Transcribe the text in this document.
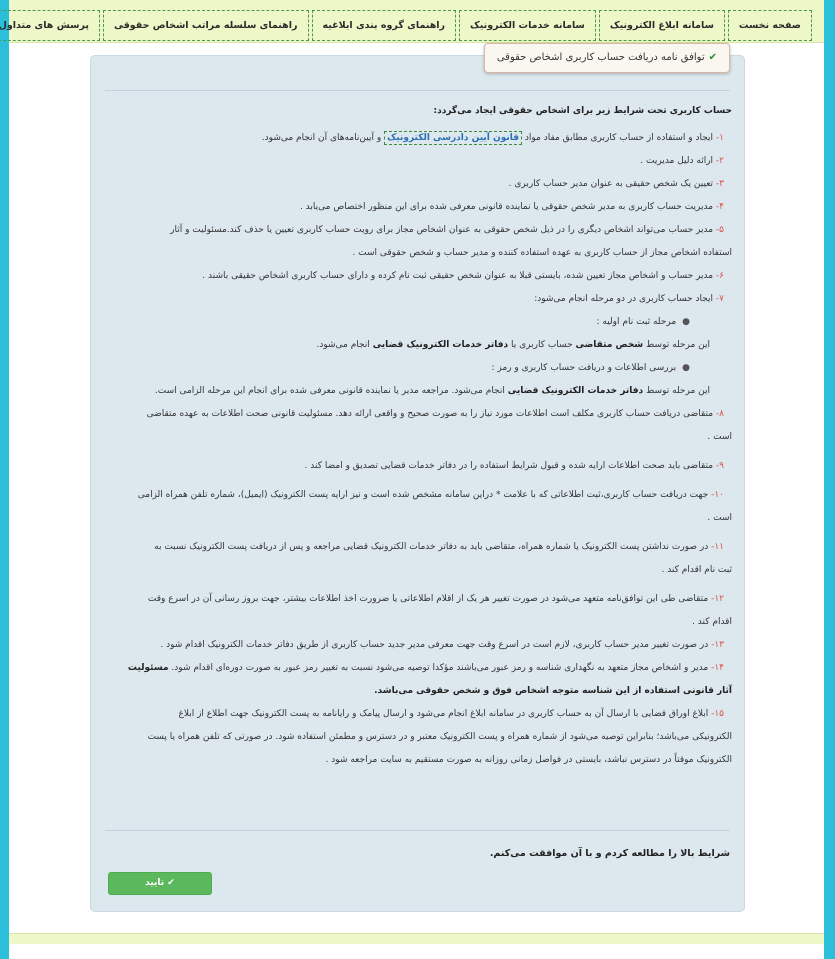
صفحه نخست
سامانه ابلاغ الکترونیک
سامانه خدمات الکترونیک
راهنمای گروه بندی ابلاغیه
راهنمای سلسله مراتب اشخاص حقوقی
پرسش های متداول

حساب کاربری تحت شرایط زیر برای اشخاص حقوقی ایجاد می‌گردد:

۱- ایجاد و استفاده از حساب کاربری مطابق مفاد مواد قانون آیین دادرسی الکترونیک و آیین‌نامه‌های آن انجام می‌شود.

۲- ارائه دلیل مدیریت .

۳- تعیین یک شخص حقیقی به عنوان مدیر حساب کاربری .

۴- مدیریت حساب کاربری به مدیر شخص حقوقی یا نماینده قانونی معرفی شده برای این منظور اختصاص می‌یابد .

۵- مدیر حساب می‌تواند اشخاص دیگری را در ذیل شخص حقوقی به عنوان اشخاص مجاز برای رویت حساب کاربری تعیین یا حذف کند.مسئولیت و آثار

استفاده اشخاص مجاز از حساب کاربری به عهده استفاده کننده و مدیر حساب و شخص حقوقی است .

۶- مدیر حساب و اشخاص مجاز تعیین شده، بایستی قبلا به عنوان شخص حقیقی ثبت نام کرده و دارای حساب کاربری اشخاص حقیقی باشند .

۷- ایجاد حساب کاربری در دو مرحله انجام می‌شود:

●مرحله ثبت نام اولیه :

این مرحله توسط شخص متقاضی حساب کاربری یا دفاتر خدمات الکترونیک قضایی انجام می‌شود.

●بررسی اطلاعات و دریافت حساب کاربری و رمز :

این مرحله توسط دفاتر خدمات الکترونیک قضایی انجام می‌شود. مراجعه مدیر یا نماینده قانونی معرفی شده برای انجام این مرحله الزامی است.

۸- متقاضی دریافت حساب کاربری مکلف است اطلاعات مورد نیاز را به صورت صحیح و واقعی ارائه دهد. مسئولیت قانونی صحت اطلاعات به عهده متقاضی

است .

۹- متقاضی باید صحت اطلاعات ارایه شده و قبول شرایط استفاده را در دفاتر خدمات قضایی تصدیق و امضا کند .

۱۰- جهت دریافت حساب کاربری،ثبت اطلاعاتی که با علامت * دراین سامانه مشخص شده است و نیز ارایه پست الکترونیک (ایمیل)، شماره تلفن همراه الزامی

است .

۱۱- در صورت نداشتن پست الکترونیک یا شماره همراه، متقاضی باید به دفاتر خدمات الکترونیک قضایی مراجعه و پس از دریافت پست الکترونیک نسبت به

ثبت نام اقدام کند .

۱۲- متقاضی طی این توافق‌نامه متعهد می‌شود در صورت تغییر هر یک از اقلام اطلاعاتی یا ضرورت اخذ اطلاعات بیشتر، جهت بروز رسانی آن در اسرع وقت

اقدام کند .

۱۳- در صورت تغییر مدیر حساب کاربری، لازم است در اسرع وقت جهت معرفی مدیر جدید حساب کاربری از طریق دفاتر خدمات الکترونیک اقدام شود .

۱۴- مدیر و اشخاص مجاز متعهد به نگهداری شناسه و رمز عبور می‌باشند مؤکدا توصیه می‌شود نسبت به تغییر رمز عبور به صورت دوره‌ای اقدام شود. مسئولیت

آثار قانونی استفاده از این شناسه متوجه اشخاص فوق و شخص حقوقی می‌باشد.

۱۵- ابلاغ اوراق قضایی با ارسال آن به حساب کاربری در سامانه ابلاغ انجام می‌شود و ارسال پیامک و رایانامه به پست الکترونیک جهت اطلاع از ابلاغ

الکترونیکی می‌باشد؛ بنابراین توصیه می‌شود از شماره همراه و پست الکترونیک معتبر و در دسترس و مطمئن استفاده شود. در صورتی که تلفن همراه یا پست

الکترونیک موقتاً در دسترس نباشد، بایستی در فواصل زمانی روزانه به صورت مستقیم به سایت مراجعه شود .

شرایط بالا را مطالعه کردم و با آن موافقت می‌کنم.
✔ تایید
✔توافق نامه دریافت حساب کاربری اشخاص حقوقی
